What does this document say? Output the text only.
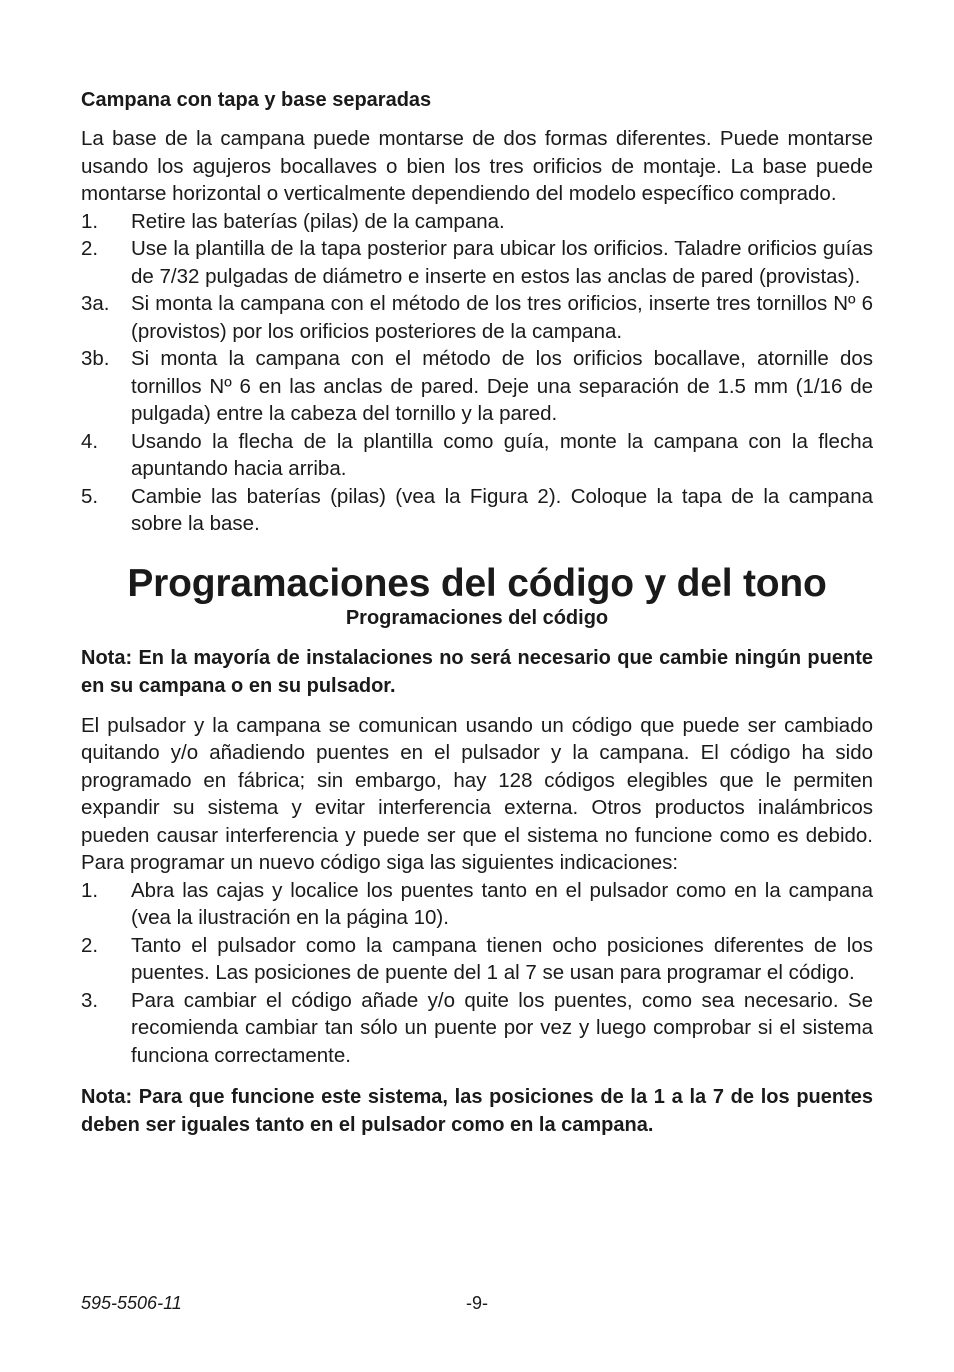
Campana con tapa y base separadas

La base de la campana puede montarse de dos formas diferentes. Puede montarse usando los agujeros bocallaves o bien los tres orificios de montaje. La base puede montarse horizontal o verticalmente dependiendo del modelo específico comprado.

1.	Retire las baterías (pilas) de la campana.
2.	Use la plantilla de la tapa posterior para ubicar los orificios. Taladre orificios guías de 7/32 pulgadas de diámetro e inserte en estos las anclas de pared (provistas).
3a.	Si monta la campana con el método de los tres orificios, inserte tres tornillos Nº 6 (provistos) por los orificios posteriores de la campana.
3b.	Si monta la campana con el método de los orificios bocallave, atornille dos tornillos Nº 6 en las anclas de pared. Deje una separación de 1.5 mm (1/16 de pulgada) entre la cabeza del tornillo y la pared.
4.	Usando la flecha de la plantilla como guía, monte la campana con la flecha apuntando hacia arriba.
5.	Cambie las baterías (pilas) (vea la Figura 2). Coloque la tapa de la campana sobre la base.
Programaciones del código y del tono
Programaciones del código

Nota: En la mayoría de instalaciones no será necesario que cambie ningún puente en su campana o en su pulsador.

El pulsador y la campana se comunican usando un código que puede ser cambiado quitando y/o añadiendo puentes en el pulsador y la campana. El código ha sido programado en fábrica; sin embargo, hay 128 códigos elegibles que le permiten expandir su sistema y evitar interferencia externa. Otros productos inalámbricos pueden causar interferencia y puede ser que el sistema no funcione como es debido. Para programar un nuevo código siga las siguientes indicaciones:

1.	Abra las cajas y localice los puentes tanto en el pulsador como en la campana (vea la ilustración en la página 10).
2.	Tanto el pulsador como la campana tienen ocho posiciones diferentes de los puentes. Las posiciones de puente del 1 al 7 se usan para programar el código.
3.	Para cambiar el código añade y/o quite los puentes, como sea necesario. Se recomienda cambiar tan sólo un puente por vez y luego comprobar si el sistema funciona correctamente.

Nota: Para que funcione este sistema, las posiciones de la 1 a la 7 de los puentes deben ser iguales tanto en el pulsador como en la campana.

595-5506-11	-9-
